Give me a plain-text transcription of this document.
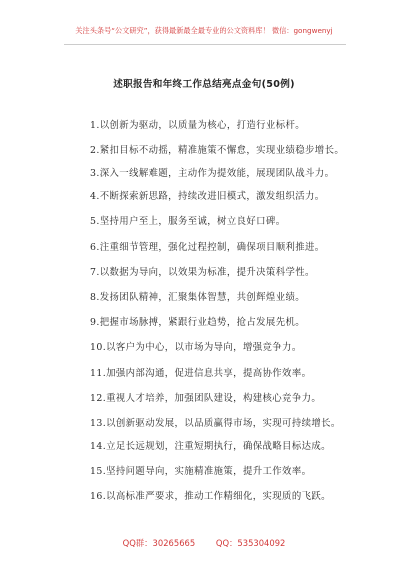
关注头条号“公文研究”，获得最新最全最专业的公文资料库！ 微信：gongwenyj
述职报告和年终工作总结亮点金句(50例)
1.以创新为驱动，以质量为核心，打造行业标杆。
2.紧扣目标不动摇，精准施策不懈怠，实现业绩稳步增长。
3.深入一线解难题，主动作为提效能，展现团队战斗力。
4.不断探索新思路，持续改进旧模式，激发组织活力。
5.坚持用户至上，服务至诚，树立良好口碑。
6.注重细节管理，强化过程控制，确保项目顺利推进。
7.以数据为导向，以效果为标准，提升决策科学性。
8.发扬团队精神，汇聚集体智慧，共创辉煌业绩。
9.把握市场脉搏，紧跟行业趋势，抢占发展先机。
10.以客户为中心，以市场为导向，增强竞争力。
11.加强内部沟通，促进信息共享，提高协作效率。
12.重视人才培养，加强团队建设，构建核心竞争力。
13.以创新驱动发展，以品质赢得市场，实现可持续增长。
14.立足长远规划，注重短期执行，确保战略目标达成。
15.坚持问题导向，实施精准施策，提升工作效率。
16.以高标准严要求，推动工作精细化，实现质的飞跃。
QQ群：30265665 QQ：535304092
